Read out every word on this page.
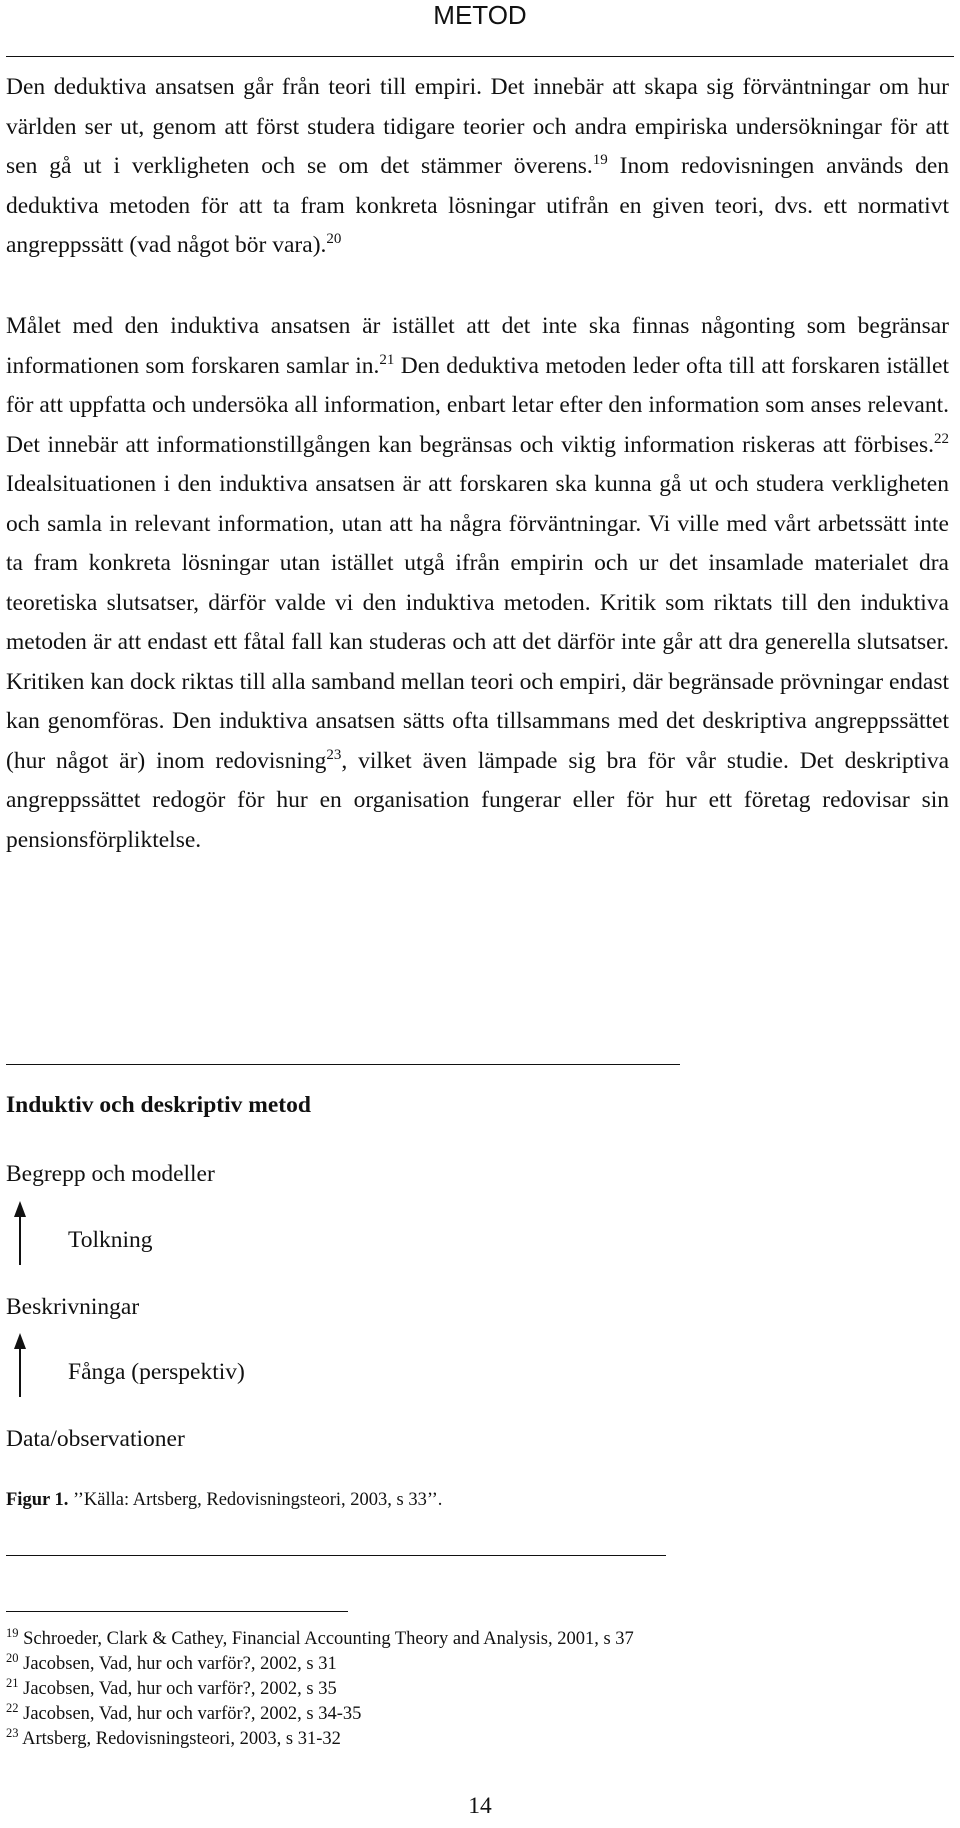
METOD

Den deduktiva ansatsen går från teori till empiri. Det innebär att skapa sig förväntningar om hur världen ser ut, genom att först studera tidigare teorier och andra empiriska undersökningar för att sen gå ut i verkligheten och se om det stämmer överens.$^{19}$ Inom redovisningen används den deduktiva metoden för att ta fram konkreta lösningar utifrån en given teori, dvs. ett normativt angreppssätt (vad något bör vara).$^{20}$

Målet med den induktiva ansatsen är istället att det inte ska finnas någonting som begränsar informationen som forskaren samlar in.$^{21}$ Den deduktiva metoden leder ofta till att forskaren istället för att uppfatta och undersöka all information, enbart letar efter den information som anses relevant. Det innebär att informationstillgången kan begränsas och viktig information riskeras att förbises.$^{22}$ Idealsituationen i den induktiva ansatsen är att forskaren ska kunna gå ut och studera verkligheten och samla in relevant information, utan att ha några förväntningar. Vi ville med vårt arbetssätt inte ta fram konkreta lösningar utan istället utgå ifrån empirin och ur det insamlade materialet dra teoretiska slutsatser, därför valde vi den induktiva metoden. Kritik som riktats till den induktiva metoden är att endast ett fåtal fall kan studeras och att det därför inte går att dra generella slutsatser. Kritiken kan dock riktas till alla samband mellan teori och empiri, där begränsade prövningar endast kan genomföras. Den induktiva ansatsen sätts ofta tillsammans med det deskriptiva angreppssättet (hur något är) inom redovisning$^{23}$, vilket även lämpade sig bra för vår studie. Det deskriptiva angreppssättet redogör för hur en organisation fungerar eller för hur ett företag redovisar sin pensionsförpliktelse.

Induktiv och deskriptiv metod
Begrepp och modeller
Tolkning
Beskrivningar
Fånga (perspektiv)
Data/observationer
Figur 1. ’’Källa: Artsberg, Redovisningsteori, 2003, s 33’’.
$^{19}$ Schroeder, Clark & Cathey, Financial Accounting Theory and Analysis, 2001, s 37
$^{20}$ Jacobsen, Vad, hur och varför?, 2002, s 31
$^{21}$ Jacobsen, Vad, hur och varför?, 2002, s 35
$^{22}$ Jacobsen, Vad, hur och varför?, 2002, s 34-35
$^{23}$ Artsberg, Redovisningsteori, 2003, s 31-32
14
